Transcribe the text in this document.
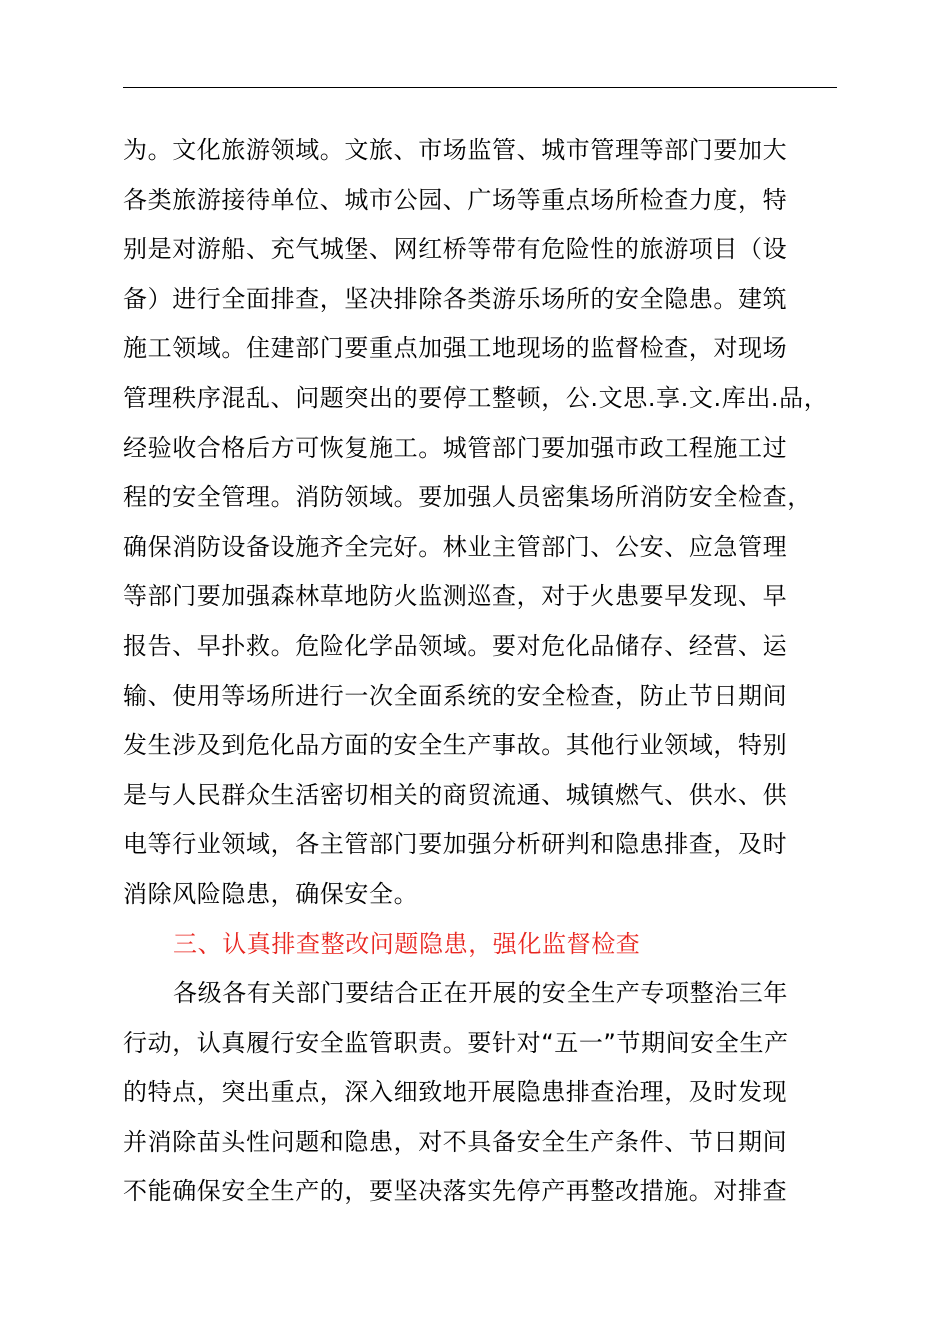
为。文化旅游领域。文旅、市场监管、城市管理等部门要加大
各类旅游接待单位、城市公园、广场等重点场所检查力度，特
别是对游船、充气城堡、网红桥等带有危险性的旅游项目（设
备）进行全面排查，坚决排除各类游乐场所的安全隐患。建筑
施工领域。住建部门要重点加强工地现场的监督检查，对现场
管理秩序混乱、问题突出的要停工整顿，公.文思.享.文.库出.品，
经验收合格后方可恢复施工。城管部门要加强市政工程施工过
程的安全管理。消防领域。要加强人员密集场所消防安全检查，
确保消防设备设施齐全完好。林业主管部门、公安、应急管理
等部门要加强森林草地防火监测巡查，对于火患要早发现、早
报告、早扑救。危险化学品领域。要对危化品储存、经营、运
输、使用等场所进行一次全面系统的安全检查，防止节日期间
发生涉及到危化品方面的安全生产事故。其他行业领域，特别
是与人民群众生活密切相关的商贸流通、城镇燃气、供水、供
电等行业领域，各主管部门要加强分析研判和隐患排查，及时
消除风险隐患，确保安全。
三、认真排查整改问题隐患，强化监督检查
各级各有关部门要结合正在开展的安全生产专项整治三年
行动，认真履行安全监管职责。要针对“五一”节期间安全生产
的特点，突出重点，深入细致地开展隐患排查治理，及时发现
并消除苗头性问题和隐患，对不具备安全生产条件、节日期间
不能确保安全生产的，要坚决落实先停产再整改措施。对排查
